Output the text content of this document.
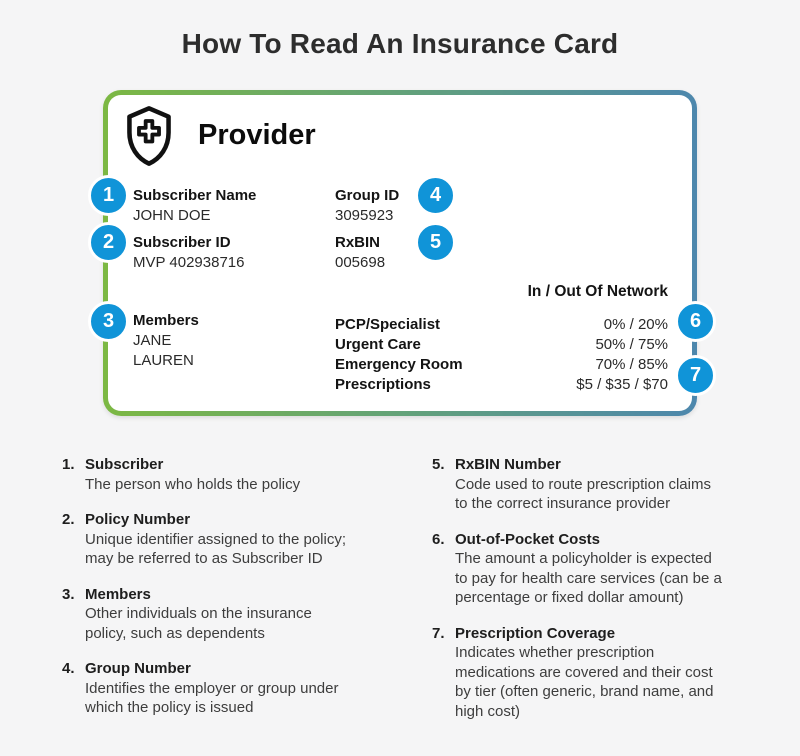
How To Read An Insurance Card
Provider
Subscriber Name
JOHN DOE
Subscriber ID
MVP 402938716
Group ID
3095923
RxBIN
005698
Members
JANE
LAUREN
In / Out Of Network
PCP/Specialist	0% / 20%
Urgent Care	50% / 75%
Emergency Room	70% / 85%
Prescriptions	$5 / $35 / $70
1
2
3
4
5
6
7
1. Subscriber
The person who holds the policy
2. Policy Number
Unique identifier assigned to the policy;
may be referred to as Subscriber ID
3. Members
Other individuals on the insurance
policy, such as dependents
4. Group Number
Identifies the employer or group under
which the policy is issued
5. RxBIN Number
Code used to route prescription claims
to the correct insurance provider
6. Out-of-Pocket Costs
The amount a policyholder is expected
to pay for health care services (can be a
percentage or fixed dollar amount)
7. Prescription Coverage
Indicates whether prescription
medications are covered and their cost
by tier (often generic, brand name, and
high cost)
